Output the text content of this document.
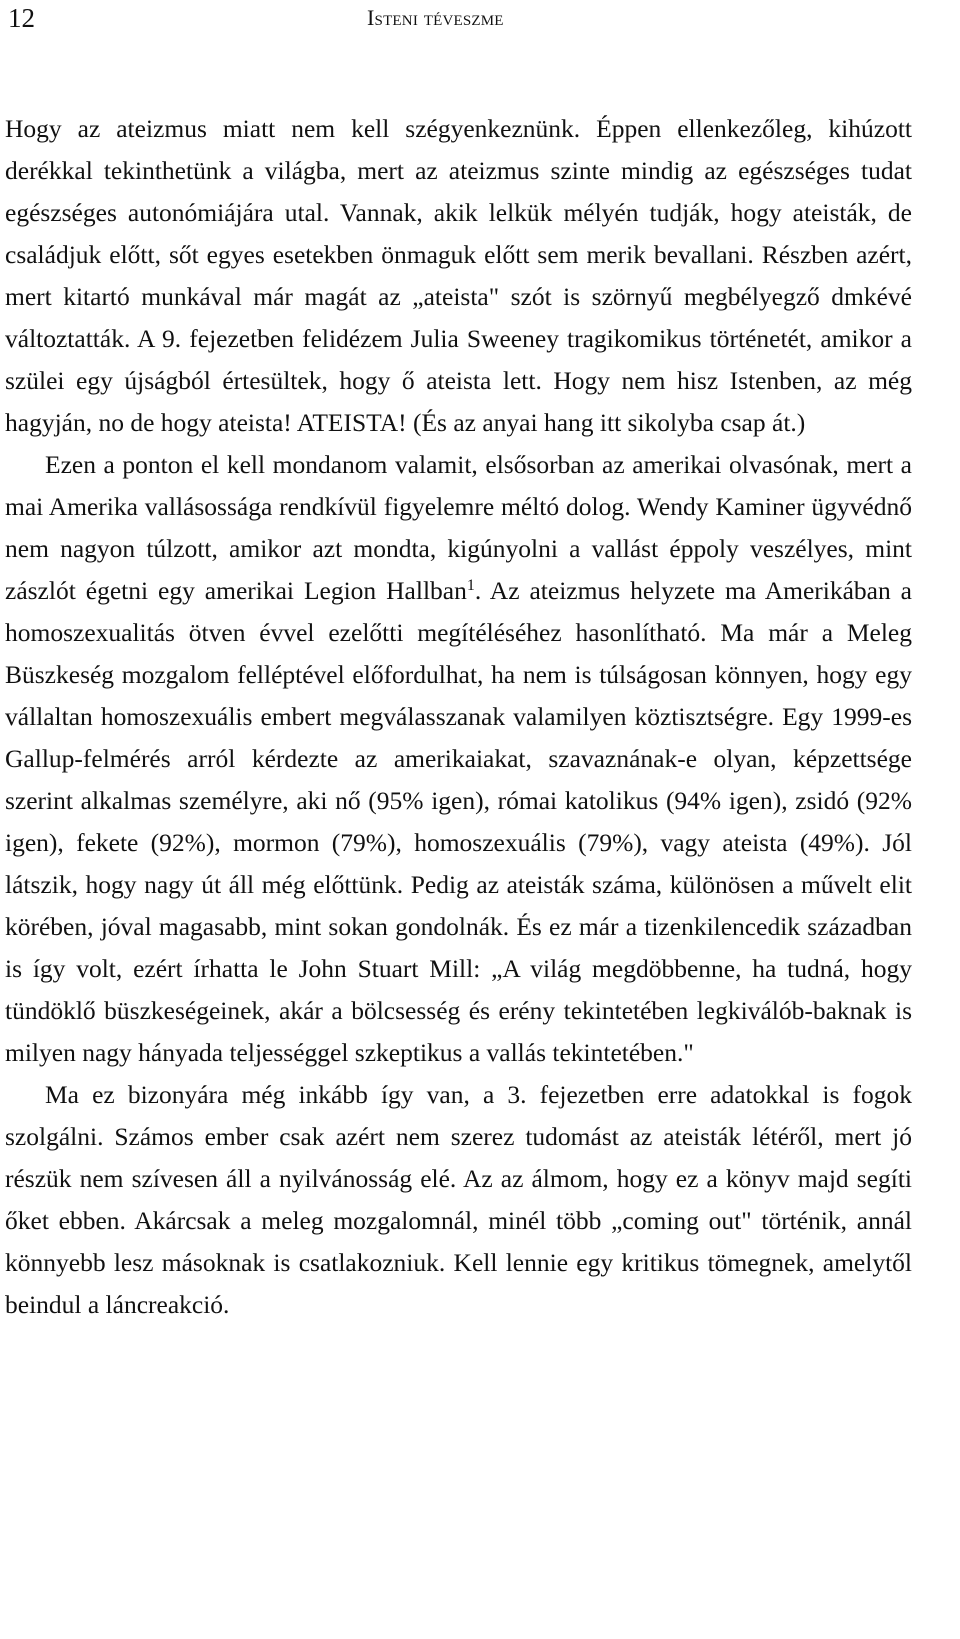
12	Isteni téveszme

Hogy az ateizmus miatt nem kell szégyenkeznünk. Éppen ellenkezőleg, kihúzott derékkal tekinthetünk a világba, mert az ateizmus szinte mindig az egészséges tudat egészséges autonómiájára utal. Vannak, akik lelkük mélyén tudják, hogy ateisták, de családjuk előtt, sőt egyes esetekben önmaguk előtt sem merik bevallani. Részben azért, mert kitartó munkával már magát az „ateista" szót is szörnyű megbélyegző dmkévé változtatták. A 9. fejezetben felidézem Julia Sweeney tragikomikus történetét, amikor a szülei egy újságból értesültek, hogy ő ateista lett. Hogy nem hisz Istenben, az még hagyján, no de hogy ateista! ATEISTA! (És az anyai hang itt sikolyba csap át.)

Ezen a ponton el kell mondanom valamit, elsősorban az amerikai olvasónak, mert a mai Amerika vallásossága rendkívül figyelemre méltó dolog. Wendy Kaminer ügyvédnő nem nagyon túlzott, amikor azt mondta, kigúnyolni a vallást éppoly veszélyes, mint zászlót égetni egy amerikai Legion Hallban$^1$. Az ateizmus helyzete ma Amerikában a homoszexualitás ötven évvel ezelőtti megítéléséhez hasonlítható. Ma már a Meleg Büszkeség mozgalom felléptével előfordulhat, ha nem is túlságosan könnyen, hogy egy vállaltan homoszexuális embert megválasszanak valamilyen köztisztségre. Egy 1999-es Gallup-felmérés arról kérdezte az amerikaiakat, szavaznának-e olyan, képzettsége szerint alkalmas személyre, aki nő (95% igen), római katolikus (94% igen), zsidó (92% igen), fekete (92%), mormon (79%), homoszexuális (79%), vagy ateista (49%). Jól látszik, hogy nagy út áll még előttünk. Pedig az ateisták száma, különösen a művelt elit körében, jóval magasabb, mint sokan gondolnák. És ez már a tizenkilencedik században is így volt, ezért írhatta le John Stuart Mill: „A világ megdöbbenne, ha tudná, hogy tündöklő büszkeségeinek, akár a bölcsesség és erény tekintetében legkiválób-baknak is milyen nagy hányada teljességgel szkeptikus a vallás tekintetében."

Ma ez bizonyára még inkább így van, a 3. fejezetben erre adatokkal is fogok szolgálni. Számos ember csak azért nem szerez tudomást az ateisták létéről, mert jó részük nem szívesen áll a nyilvánosság elé. Az az álmom, hogy ez a könyv majd segíti őket ebben. Akárcsak a meleg mozgalomnál, minél több „coming out" történik, annál könnyebb lesz másoknak is csatlakozniuk. Kell lennie egy kritikus tömegnek, amelytől beindul a láncreakció.
